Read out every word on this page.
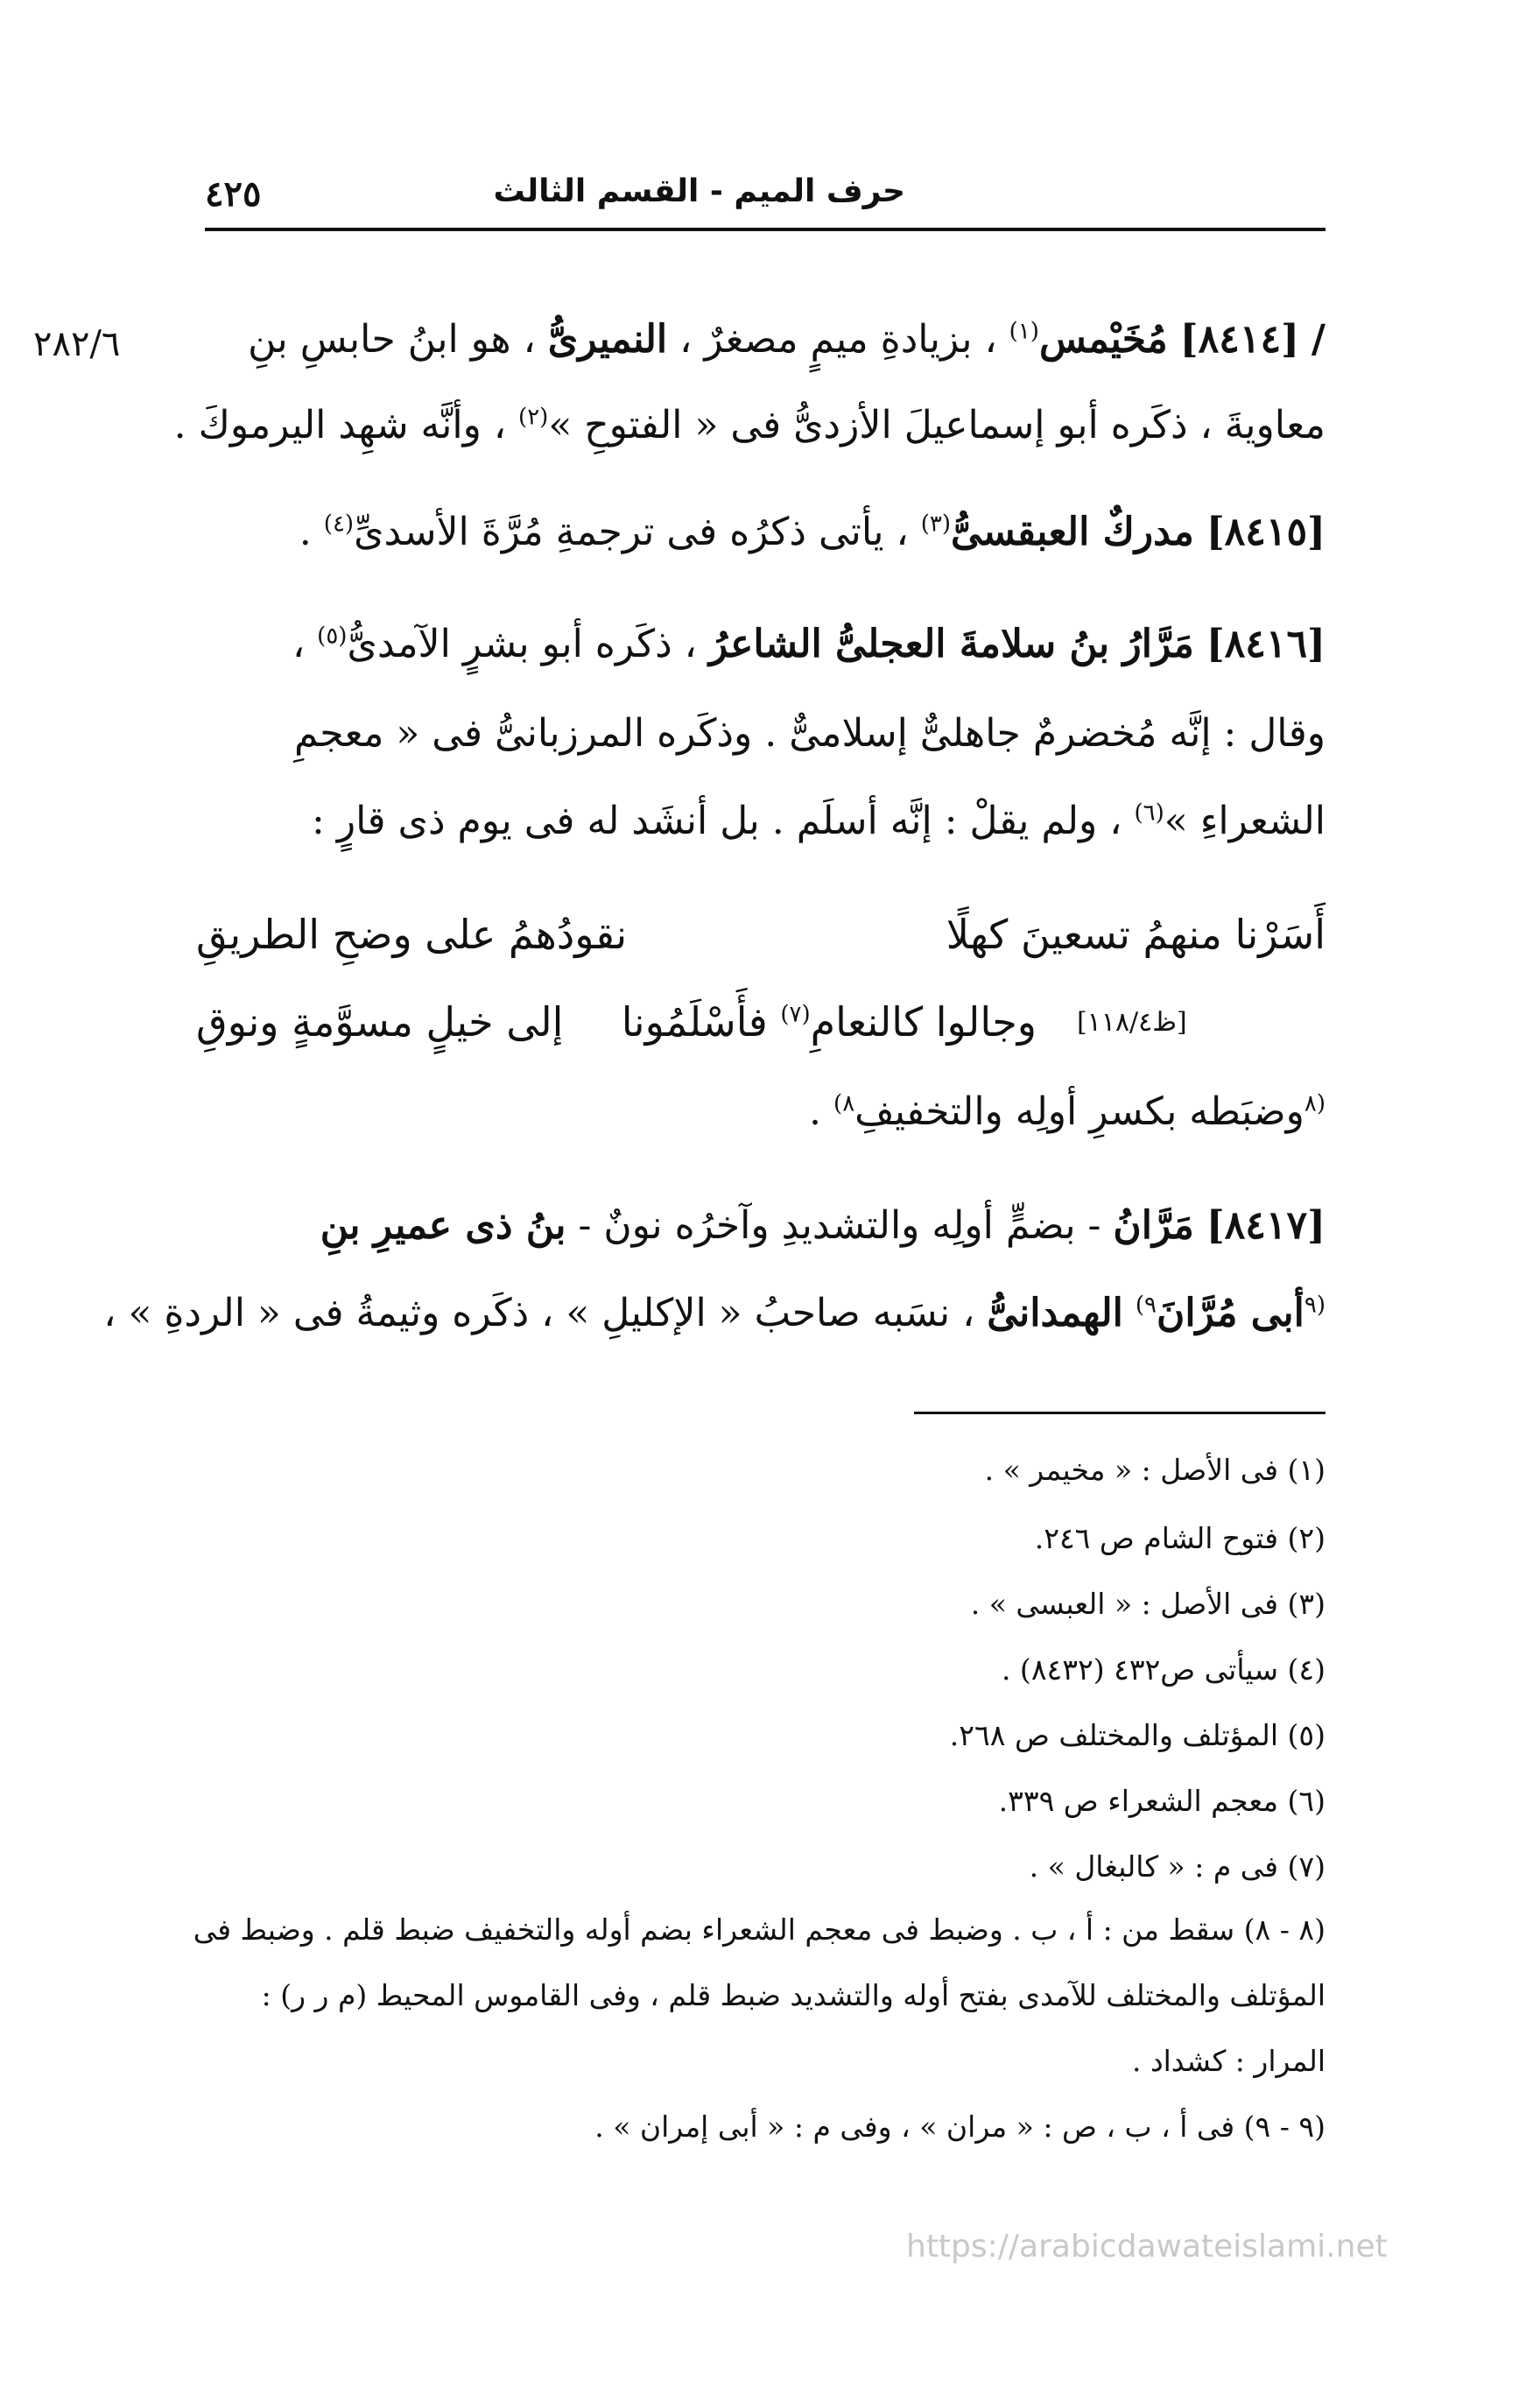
حرف الميم - القسم الثالث
٤٢٥
٢٨٢/٦	/ [٨٤١٤] مُخَيْمس$^{(١)}$ ، بزيادةِ ميمٍ مصغرٌ ، النميرىُّ ، هو ابنُ حابسِ بنِ
معاويةَ ، ذكَره أبو إسماعيلَ الأزدىُّ فى « الفتوحِ »$^{(٢)}$ ، وأنَّه شهِد اليرموكَ .
[٨٤١٥] مدركٌ العبقسىُّ$^{(٣)}$ ، يأتى ذكرُه فى ترجمةِ مُرَّةَ الأسدىِّ$^{(٤)}$ .
[٨٤١٦] مَرَّارُ بنُ سلامةَ العجلىُّ الشاعرُ ، ذكَره أبو بشرٍ الآمدىُّ$^{(٥)}$ ،
وقال : إنَّه مُخضرمٌ جاهلىٌّ إسلامىٌّ . وذكَره المرزبانىُّ فى « معجمِ
الشعراءِ »$^{(٦)}$ ، ولم يقلْ : إنَّه أسلَم . بل أنشَد له فى يوم ذى قارٍ :
أَسَرْنا منهمُ تسعينَ كهلًا
نقودُهمُ على وضحِ الطريقِ
وجالوا كالنعامِ$^{(٧)}$ فأَسْلَمُونا
إلى خيلٍ مسوَّمةٍ ونوقِ	[ظ١١٨/٤]
$^{(٨}$وضبَطه بكسرِ أولِه والتخفيفِ$^{٨)}$ .
[٨٤١٧] مَرَّانُ - بضمٍّ أولِه والتشديدِ وآخرُه نونٌ - بنُ ذى عميرِ بنِ
$^{(٩}$أبى مُرَّانَ$^{٩)}$ الهمدانىُّ ، نسَبه صاحبُ « الإكليلِ » ، ذكَره وثيمةُ فى « الردةِ » ،
(١) فى الأصل : « مخيمر » .
(٢) فتوح الشام ص ٢٤٦.
(٣) فى الأصل : « العبسى » .
(٤) سيأتى ص٤٣٢ (٨٤٣٢) .
(٥) المؤتلف والمختلف ص ٢٦٨.
(٦) معجم الشعراء ص ٣٣٩.
(٧) فى م : « كالبغال » .
(٨ - ٨) سقط من : أ ، ب . وضبط فى معجم الشعراء بضم أوله والتخفيف ضبط قلم . وضبط فى
المؤتلف والمختلف للآمدى بفتح أوله والتشديد ضبط قلم ، وفى القاموس المحيط (م ر ر) :
المرار : كشداد .
(٩ - ٩) فى أ ، ب ، ص : « مران » ، وفى م : « أبى إمران » .
https://arabicdawateislami.net
